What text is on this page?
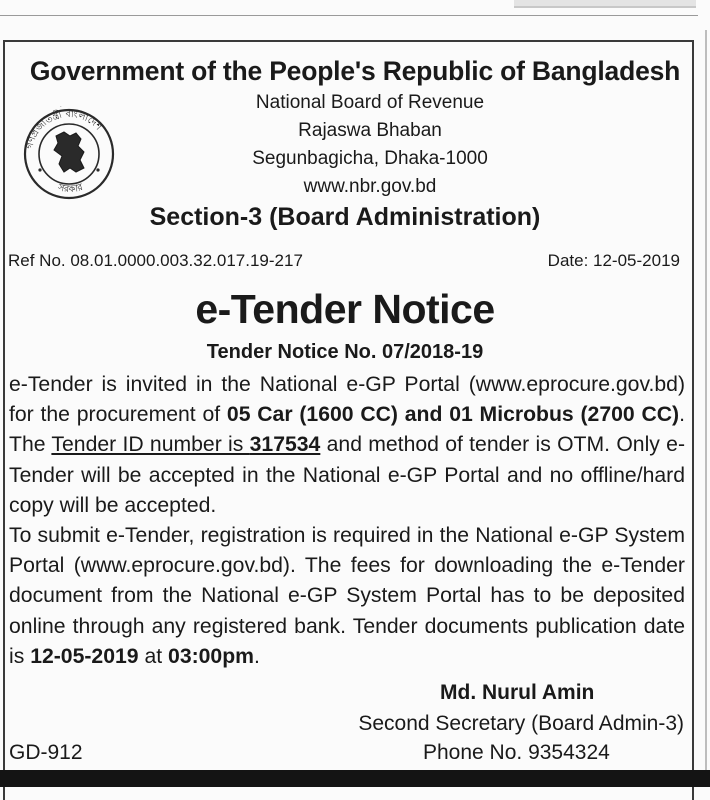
Government of the People's Republic of Bangladesh
গণপ্রজাতন্ত্রী বাংলাদেশ
সরকার
National Board of Revenue
Rajaswa Bhaban
Segunbagicha, Dhaka-1000
www.nbr.gov.bd
Section-3 (Board Administration)
Ref No. 08.01.0000.003.32.017.19-217	Date: 12-05-2019
e-Tender Notice
Tender Notice No. 07/2018-19

e-Tender is invited in the National e-GP Portal (www.eprocure.gov.bd) for the procurement of 05 Car (1600 CC) and 01 Microbus (2700 CC). The Tender ID number is 317534 and method of tender is OTM. Only e-Tender will be accepted in the National e-GP Portal and no offline/hard copy will be accepted.

To submit e-Tender, registration is required in the National e-GP System Portal (www.eprocure.gov.bd). The fees for downloading the e-Tender document from the National e-GP System Portal has to be deposited online through any registered bank. Tender documents publication date is 12-05-2019 at 03:00pm.

Md. Nurul Amin
Second Secretary (Board Admin-3)
Phone No. 9354324
GD-912
